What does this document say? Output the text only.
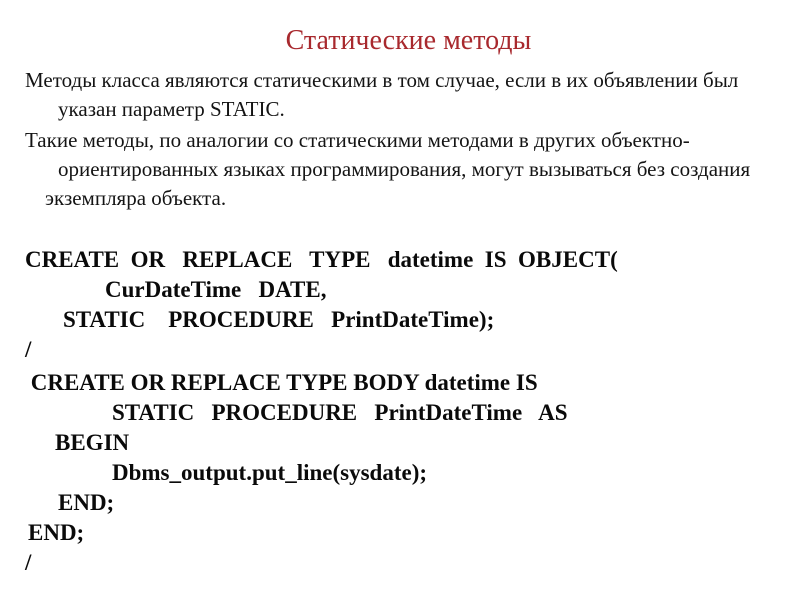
Статические методы
Методы класса являются статическими в том случае, если в их объявлении был
указан параметр STATIC.
Такие методы, по аналогии со статическими методами в других объектно-
ориентированных языках программирования, могут вызываться без создания
экземпляра объекта.
CREATE  OR   REPLACE   TYPE   datetime  IS  OBJECT(
CurDateTime   DATE,
STATIC    PROCEDURE   PrintDateTime);
/
CREATE OR REPLACE TYPE BODY datetime IS
STATIC   PROCEDURE   PrintDateTime   AS
BEGIN
Dbms_output.put_line(sysdate);
END;
END;
/
